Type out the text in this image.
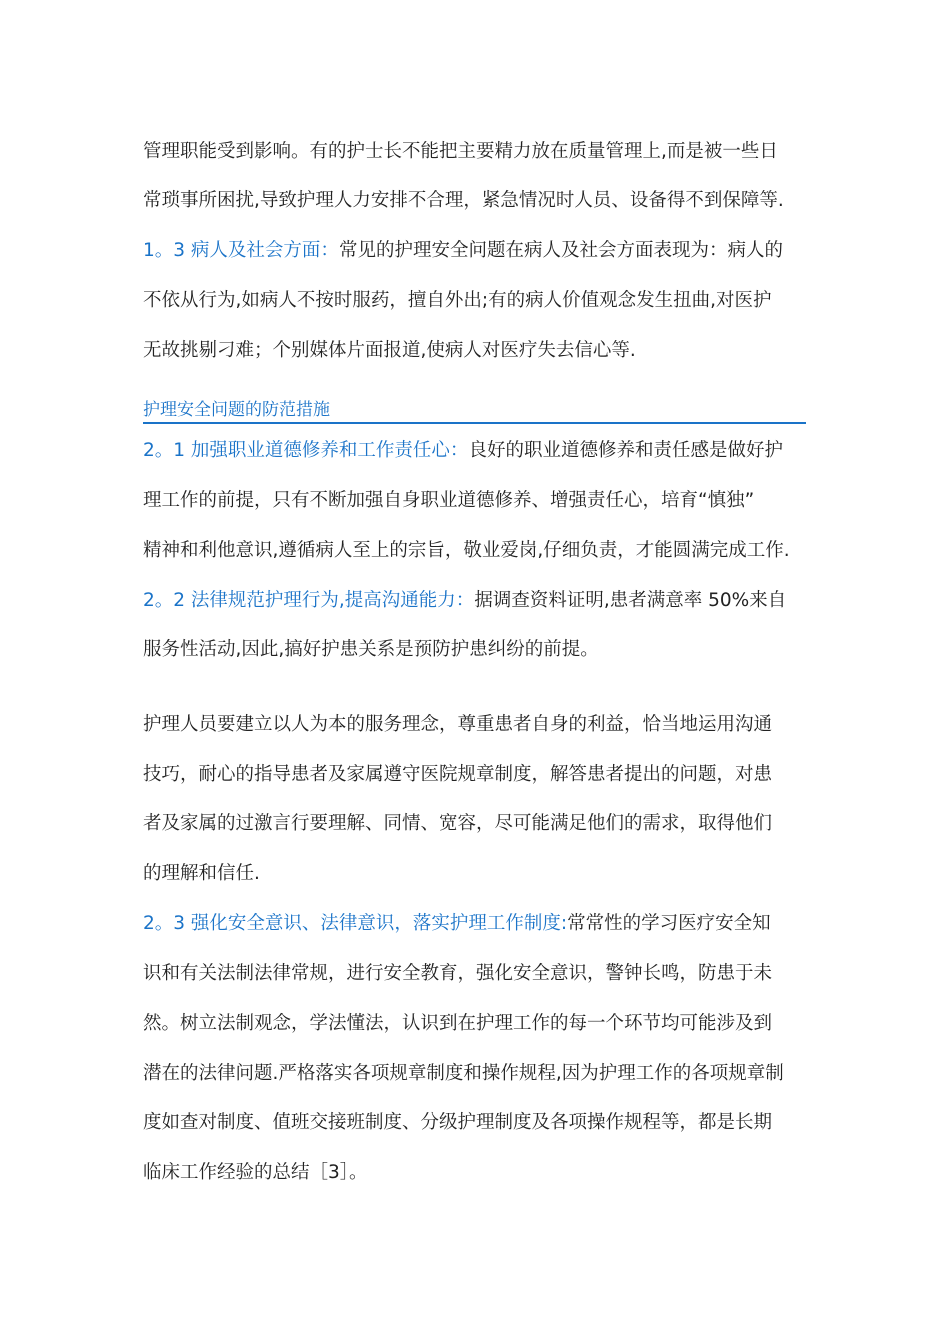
管理职能受到影响。有的护士长不能把主要精力放在质量管理上,而是被一些日
常琐事所困扰,导致护理人力安排不合理，紧急情况时人员、设备得不到保障等.
1。3 病人及社会方面：常见的护理安全问题在病人及社会方面表现为：病人的
不依从行为,如病人不按时服药，擅自外出;有的病人价值观念发生扭曲,对医护
无故挑剔刁难；个别媒体片面报道,使病人对医疗失去信心等.
护理安全问题的防范措施
2。1 加强职业道德修养和工作责任心：良好的职业道德修养和责任感是做好护
理工作的前提，只有不断加强自身职业道德修养、增强责任心，培育“慎独”
精神和利他意识,遵循病人至上的宗旨，敬业爱岗,仔细负责，才能圆满完成工作.
2。2 法律规范护理行为,提高沟通能力：据调查资料证明,患者满意率 50%来自
服务性活动,因此,搞好护患关系是预防护患纠纷的前提。
护理人员要建立以人为本的服务理念，尊重患者自身的利益，恰当地运用沟通
技巧，耐心的指导患者及家属遵守医院规章制度，解答患者提出的问题，对患
者及家属的过激言行要理解、同情、宽容，尽可能满足他们的需求，取得他们
的理解和信任.
2。3 强化安全意识、法律意识，落实护理工作制度:常常性的学习医疗安全知
识和有关法制法律常规，进行安全教育，强化安全意识，警钟长鸣，防患于未
然。树立法制观念，学法懂法，认识到在护理工作的每一个环节均可能涉及到
潜在的法律问题.严格落实各项规章制度和操作规程,因为护理工作的各项规章制
度如查对制度、值班交接班制度、分级护理制度及各项操作规程等，都是长期
临床工作经验的总结［3］。
